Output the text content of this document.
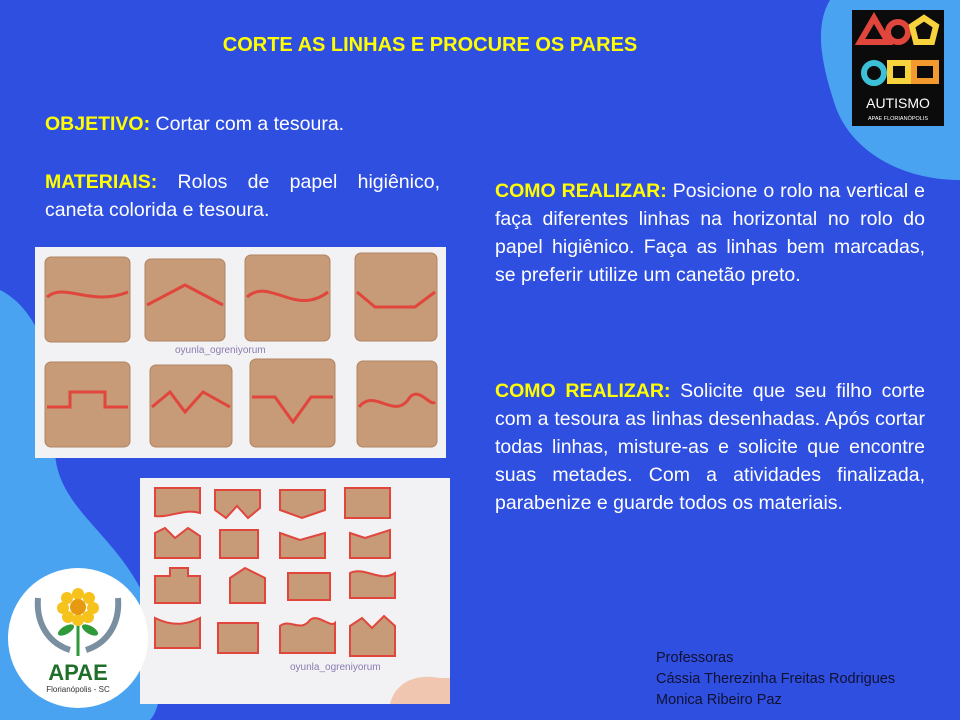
CORTE AS LINHAS E PROCURE OS PARES
OBJETIVO: Cortar com a tesoura.
MATERIAIS: Rolos de papel higiênico, caneta colorida e tesoura.
COMO REALIZAR: Posicione o rolo na vertical e faça diferentes linhas na horizontal no rolo do papel higiênico. Faça as linhas bem marcadas, se preferir utilize um canetão preto.
COMO REALIZAR: Solicite que seu filho corte com a tesoura as linhas desenhadas. Após cortar todas linhas, misture-as e solicite que encontre suas metades. Com a atividades finalizada, parabenize e guarde todos os materiais.
oyunla_ogreniyorum
oyunla_ogreniyorum
Professoras
Cássia Therezinha Freitas Rodrigues
Monica Ribeiro Paz
AUTISMO
APAE FLORIANÓPOLIS
APAE
Florianópolis - SC
